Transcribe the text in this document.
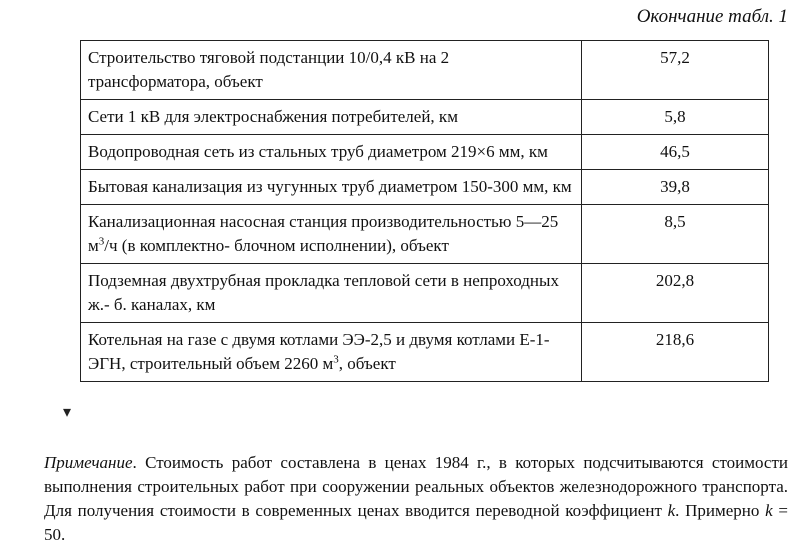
Окончание табл. 1
Строительство тяговой подстанции 10/0,4 кВ на 2 трансформатора, объект	57,2
Сети 1 кВ для электроснабжения потребителей, км	5,8
Водопроводная сеть из стальных труб диаметром 219×6 мм, км	46,5
Бытовая канализация из чугунных труб диаметром 150-300 мм, км	39,8
Канализационная насосная станция производительностью 5—25 $м^3/ч$ (в комплектно- блочном исполнении), объект	8,5
Подземная двухтрубная прокладка тепловой сети в непроходных ж.- б. каналах, км	202,8
Котельная на газе с двумя котлами ЭЭ-2,5 и двумя котлами Е-1-ЭГН, строительный объем 2260 $м^3$, объект	218,6
▾

Примечание. Стоимость работ составлена в ценах 1984 г., в которых подсчитываются стоимости выполнения строительных работ при сооружении реальных объектов железнодорожного транспорта. Для получения стоимости в современных ценах вводится переводной коэффициент k. Примерно k = 50.
